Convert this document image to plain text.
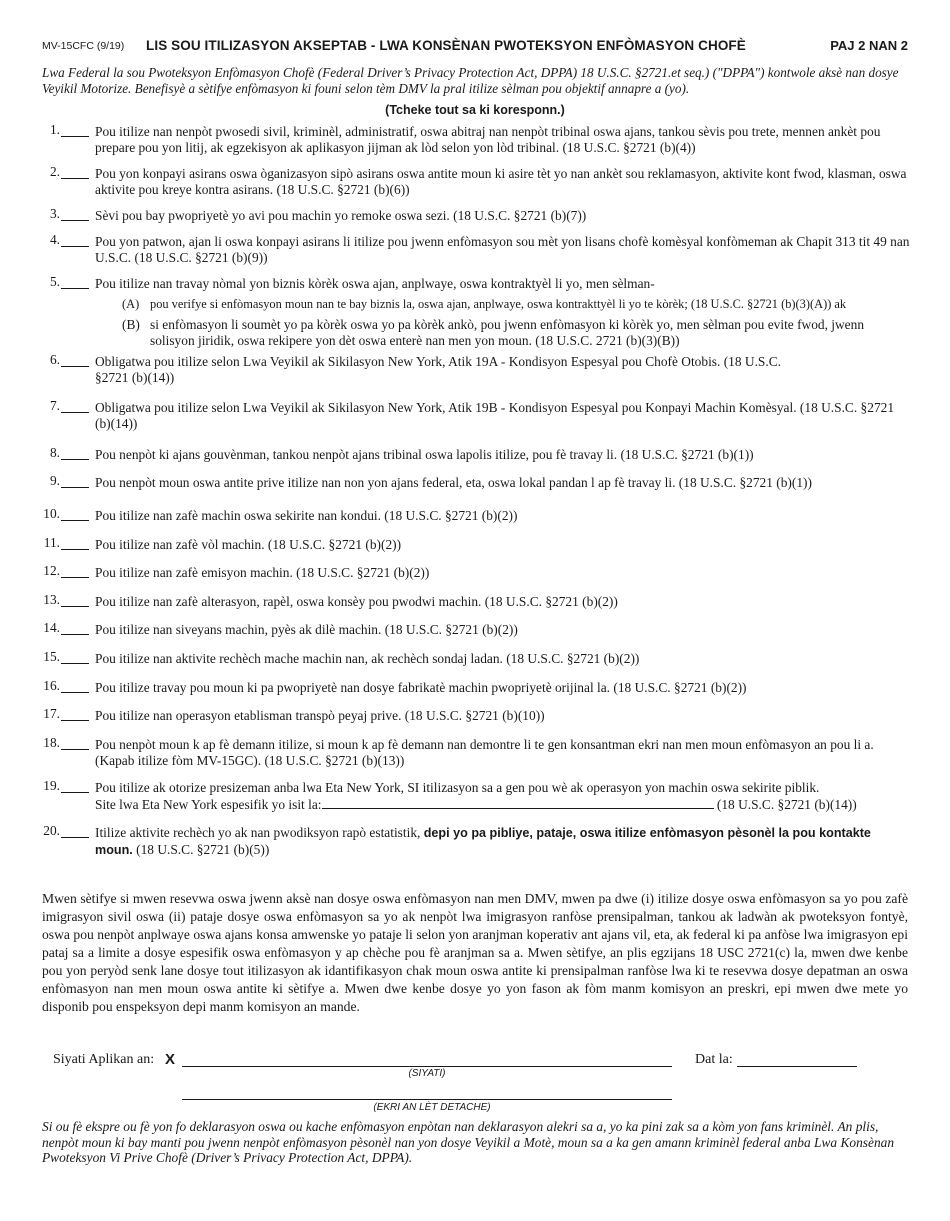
MV-15CFC (9/19) LIS SOU ITILIZASYON AKSEPTAB - LWA KONSÈNAN PWOTEKSYON ENFÒMASYON CHOFÈ	PAJ 2 NAN 2
Lwa Federal la sou Pwoteksyon Enfòmasyon Chofè (Federal Driver’s Privacy Protection Act, DPPA) 18 U.S.C. §2721.et seq.) ("DPPA") kontwole aksè nan dosye Veyikil Motorize. Benefisyè a sètifye enfòmasyon ki founi selon tèm DMV la pral itilize sèlman pou objektif annapre a (yo).
(Tcheke tout sa ki koresponn.)
1.	Pou itilize nan nenpòt pwosedi sivil, kriminèl, administratif, oswa abitraj nan nenpòt tribinal oswa ajans, tankou sèvis pou trete, mennen ankèt pou prepare pou yon litij, ak egzekisyon ak aplikasyon jijman ak lòd selon yon lòd tribinal. (18 U.S.C. §2721 (b)(4))
2.	Pou yon konpayi asirans oswa òganizasyon sipò asirans oswa antite moun ki asire tèt yo nan ankèt sou reklamasyon, aktivite kont fwod, klasman, oswa aktivite pou kreye kontra asirans. (18 U.S.C. §2721 (b)(6))
3.	Sèvi pou bay pwopriyetè yo avi pou machin yo remoke oswa sezi. (18 U.S.C. §2721 (b)(7))
4.	Pou yon patwon, ajan li oswa konpayi asirans li itilize pou jwenn enfòmasyon sou mèt yon lisans chofè komèsyal konfòmeman ak Chapit 313 tit 49 nan U.S.C. (18 U.S.C. §2721 (b)(9))
5.	Pou itilize nan travay nòmal yon biznis kòrèk oswa ajan, anplwaye, oswa kontraktyèl li yo, men sèlman-
(A) pou verifye si enfòmasyon moun nan te bay biznis la, oswa ajan, anplwaye, oswa kontrakttyèl li yo te kòrèk; (18 U.S.C. §2721 (b)(3)(A)) ak
(B) si enfòmasyon li soumèt yo pa kòrèk oswa yo pa kòrèk ankò, pou jwenn enfòmasyon ki kòrèk yo, men sèlman pou evite fwod, jwenn solisyon jiridik, oswa rekipere yon dèt oswa enterè nan men yon moun. (18 U.S.C. 2721 (b)(3)(B))
6.	Obligatwa pou itilize selon Lwa Veyikil ak Sikilasyon New York, Atik 19A - Kondisyon Espesyal pou Chofè Otobis. (18 U.S.C. §2721 (b)(14))
7.	Obligatwa pou itilize selon Lwa Veyikil ak Sikilasyon New York, Atik 19B - Kondisyon Espesyal pou Konpayi Machin Komèsyal. (18 U.S.C. §2721 (b)(14))
8.	Pou nenpòt ki ajans gouvènman, tankou nenpòt ajans tribinal oswa lapolis itilize, pou fè travay li. (18 U.S.C. §2721 (b)(1))
9.	Pou nenpòt moun oswa antite prive itilize nan non yon ajans federal, eta, oswa lokal pandan l ap fè travay li. (18 U.S.C. §2721 (b)(1))
10.	Pou itilize nan zafè machin oswa sekirite nan kondui. (18 U.S.C. §2721 (b)(2))
11.	Pou itilize nan zafè vòl machin. (18 U.S.C. §2721 (b)(2))
12.	Pou itilize nan zafè emisyon machin. (18 U.S.C. §2721 (b)(2))
13.	Pou itilize nan zafè alterasyon, rapèl, oswa konsèy pou pwodwi machin. (18 U.S.C. §2721 (b)(2))
14.	Pou itilize nan siveyans machin, pyès ak dilè machin. (18 U.S.C. §2721 (b)(2))
15.	Pou itilize nan aktivite rechèch mache machin nan, ak rechèch sondaj ladan. (18 U.S.C. §2721 (b)(2))
16.	Pou itilize travay pou moun ki pa pwopriyetè nan dosye fabrikatè machin pwopriyetè orijinal la. (18 U.S.C. §2721 (b)(2))
17.	Pou itilize nan operasyon etablisman transpò peyaj prive. (18 U.S.C. §2721 (b)(10))
18.	Pou nenpòt moun k ap fè demann itilize, si moun k ap fè demann nan demontre li te gen konsantman ekri nan men moun enfòmasyon an pou li a. (Kapab itilize fòm MV-15GC). (18 U.S.C. §2721 (b)(13))
19.	Pou itilize ak otorize presizeman anba lwa Eta New York, SI itilizasyon sa a gen pou wè ak operasyon yon machin oswa sekirite piblik.
Site lwa Eta New York espesifik yo isit la:	(18 U.S.C. §2721 (b)(14))
20.	Itilize aktivite rechèch yo ak nan pwodiksyon rapò estatistik, depi yo pa pibliye, pataje, oswa itilize enfòmasyon pèsonèl la pou kontakte moun. (18 U.S.C. §2721 (b)(5))
Mwen sètifye si mwen resevwa oswa jwenn aksè nan dosye oswa enfòmasyon nan men DMV, mwen pa dwe (i) itilize dosye oswa enfòmasyon sa yo pou zafè imigrasyon sivil oswa (ii) pataje dosye oswa enfòmasyon sa yo ak nenpòt lwa imigrasyon ranfòse prensipalman, tankou ak ladwàn ak pwoteksyon fontyè, oswa pou nenpòt anplwaye oswa ajans konsa amwenske yo pataje li selon yon aranjman koperativ ant ajans vil, eta, ak federal ki pa anfòse lwa imigrasyon epi pataj sa a limite a dosye espesifik oswa enfòmasyon y ap chèche pou fè aranjman sa a. Mwen sètifye, an plis egzijans 18 USC 2721(c) la, mwen dwe kenbe pou yon peryòd senk lane dosye tout itilizasyon ak idantifikasyon chak moun oswa antite ki prensipalman ranfòse lwa ki te resevwa dosye depatman an oswa enfòmasyon nan men moun oswa antite ki sètifye a. Mwen dwe kenbe dosye yo yon fason ak fòm manm komisyon an preskri, epi mwen dwe mete yo disponib pou enspeksyon depi manm komisyon an mande.
Siyati Aplikan an: X
(SIYATI)
Dat la:
(EKRI AN LÈT DETACHE)
Si ou fè ekspre ou fè yon fo deklarasyon oswa ou kache enfòmasyon enpòtan nan deklarasyon alekri sa a, yo ka pini zak sa a kòm yon fans kriminèl. An plis, nenpòt moun ki bay manti pou jwenn nenpòt enfòmasyon pèsonèl nan yon dosye Veyikil a Motè, moun sa a ka gen amann kriminèl federal anba Lwa Konsènan Pwoteksyon Vi Prive Chofè (Driver’s Privacy Protection Act, DPPA).
